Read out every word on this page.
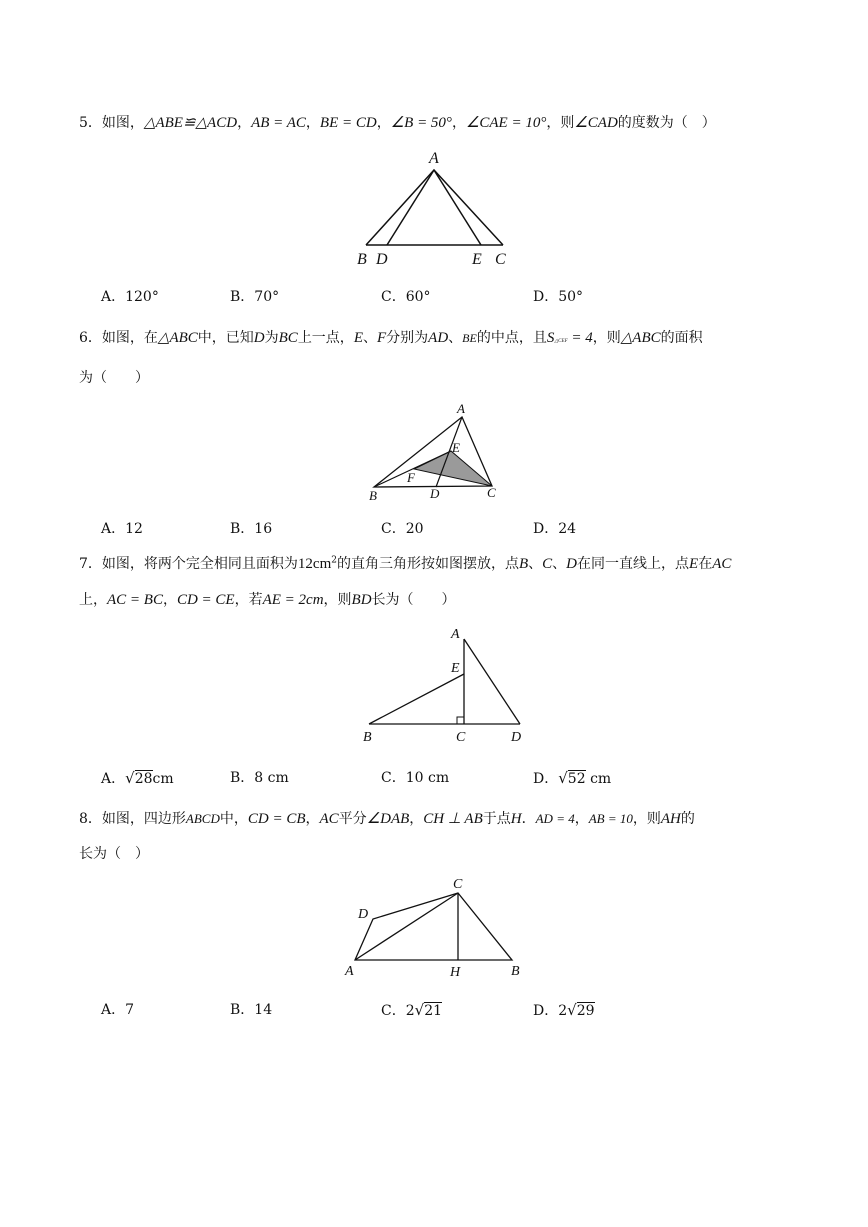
5．如图，△ABE≌△ACD，AB = AC，BE = CD，∠B = 50°，∠CAE = 10°，则∠CAD的度数为（　）
A
B D	E C
A．120°	B．70°	C．60°	D．50°
6．如图，在△ABC中，已知D为BC上一点，E、F分别为AD、BE的中点，且S△CEF = 4，则△ABC的面积
为（　　）
A
E
F
B	D	C
A．12	B．16	C．20	D．24
7．如图，将两个完全相同且面积为$12cm^2$的直角三角形按如图摆放，点B、C、D在同一直线上，点E在AC
上，AC = BC，CD = CE，若AE = 2cm，则BD长为（　　）
A
E
B	C	D
A．√28cm	B．8 cm	C．10 cm	D．√52 cm
8．如图，四边形ABCD中，CD = CB，AC平分∠DAB，CH ⊥ AB于点H．AD = 4，AB = 10，则AH的
长为（　）
C
D
A	H	B
A．7	B．14	C．2√21	D．2√29
